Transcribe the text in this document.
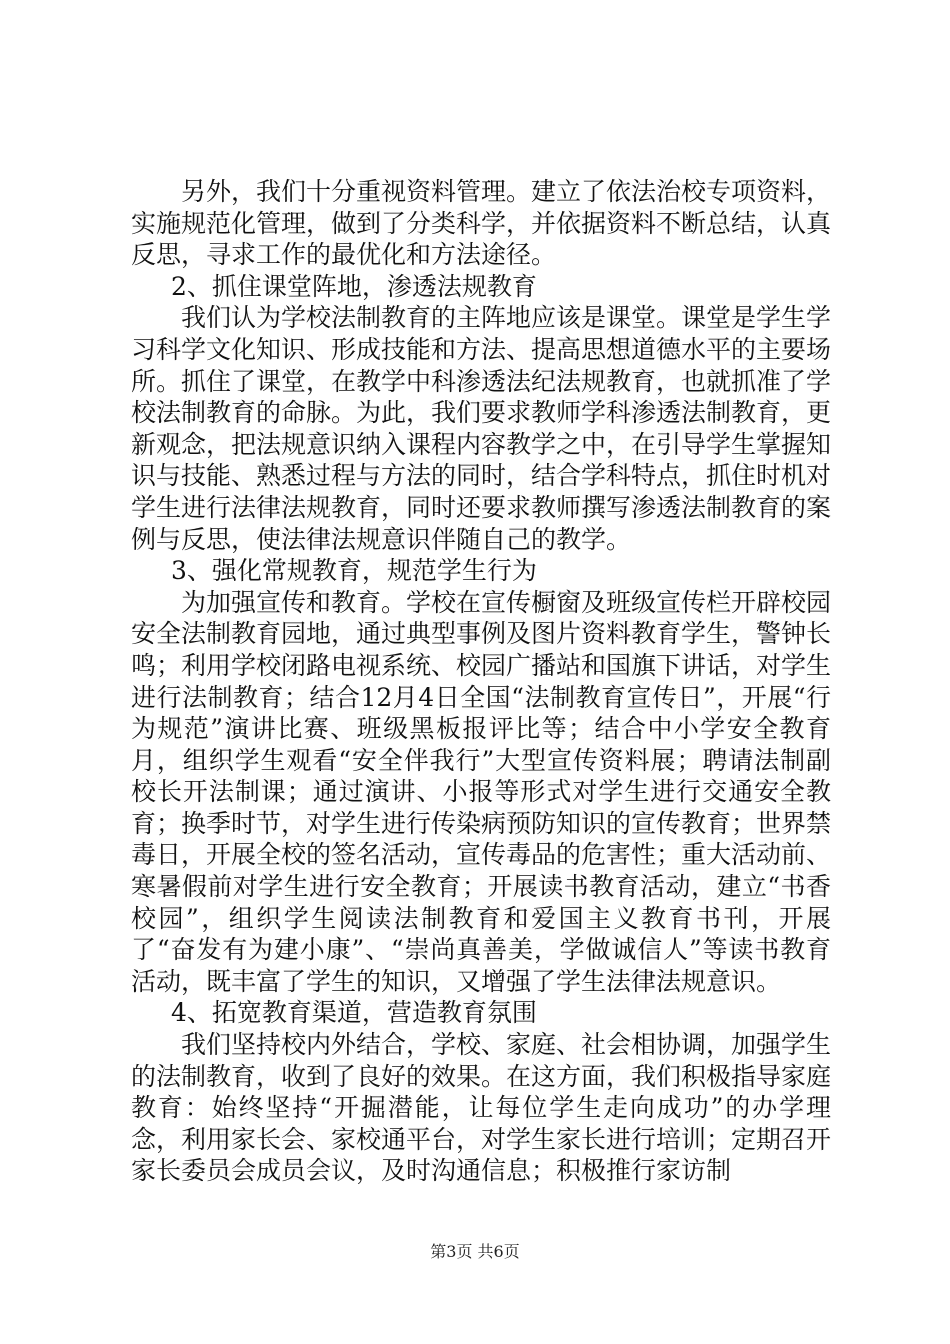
另外，我们十分重视资料管理。建立了依法治校专项资料，实施规范化管理，做到了分类科学，并依据资料不断总结，认真反思，寻求工作的最优化和方法途径。

2、抓住课堂阵地，渗透法规教育

我们认为学校法制教育的主阵地应该是课堂。课堂是学生学习科学文化知识、形成技能和方法、提高思想道德水平的主要场所。抓住了课堂，在教学中科渗透法纪法规教育，也就抓准了学校法制教育的命脉。为此，我们要求教师学科渗透法制教育，更新观念，把法规意识纳入课程内容教学之中，在引导学生掌握知识与技能、熟悉过程与方法的同时，结合学科特点，抓住时机对学生进行法律法规教育，同时还要求教师撰写渗透法制教育的案例与反思，使法律法规意识伴随自己的教学。

3、强化常规教育，规范学生行为

为加强宣传和教育。学校在宣传橱窗及班级宣传栏开辟校园安全法制教育园地，通过典型事例及图片资料教育学生，警钟长鸣；利用学校闭路电视系统、校园广播站和国旗下讲话，对学生进行法制教育；结合12月4日全国“法制教育宣传日”，开展“行为规范”演讲比赛、班级黑板报评比等；结合中小学安全教育月，组织学生观看“安全伴我行”大型宣传资料展；聘请法制副校长开法制课；通过演讲、小报等形式对学生进行交通安全教育；换季时节，对学生进行传染病预防知识的宣传教育；世界禁毒日，开展全校的签名活动，宣传毒品的危害性；重大活动前、寒暑假前对学生进行安全教育；开展读书教育活动，建立“书香校园”，组织学生阅读法制教育和爱国主义教育书刊，开展了“奋发有为建小康”、“崇尚真善美，学做诚信人”等读书教育活动，既丰富了学生的知识，又增强了学生法律法规意识。

4、拓宽教育渠道，营造教育氛围

我们坚持校内外结合，学校、家庭、社会相协调，加强学生的法制教育，收到了良好的效果。在这方面，我们积极指导家庭教育：始终坚持“开掘潜能，让每位学生走向成功”的办学理念，利用家长会、家校通平台，对学生家长进行培训；定期召开家长委员会成员会议，及时沟通信息；积极推行家访制

第3页 共6页
